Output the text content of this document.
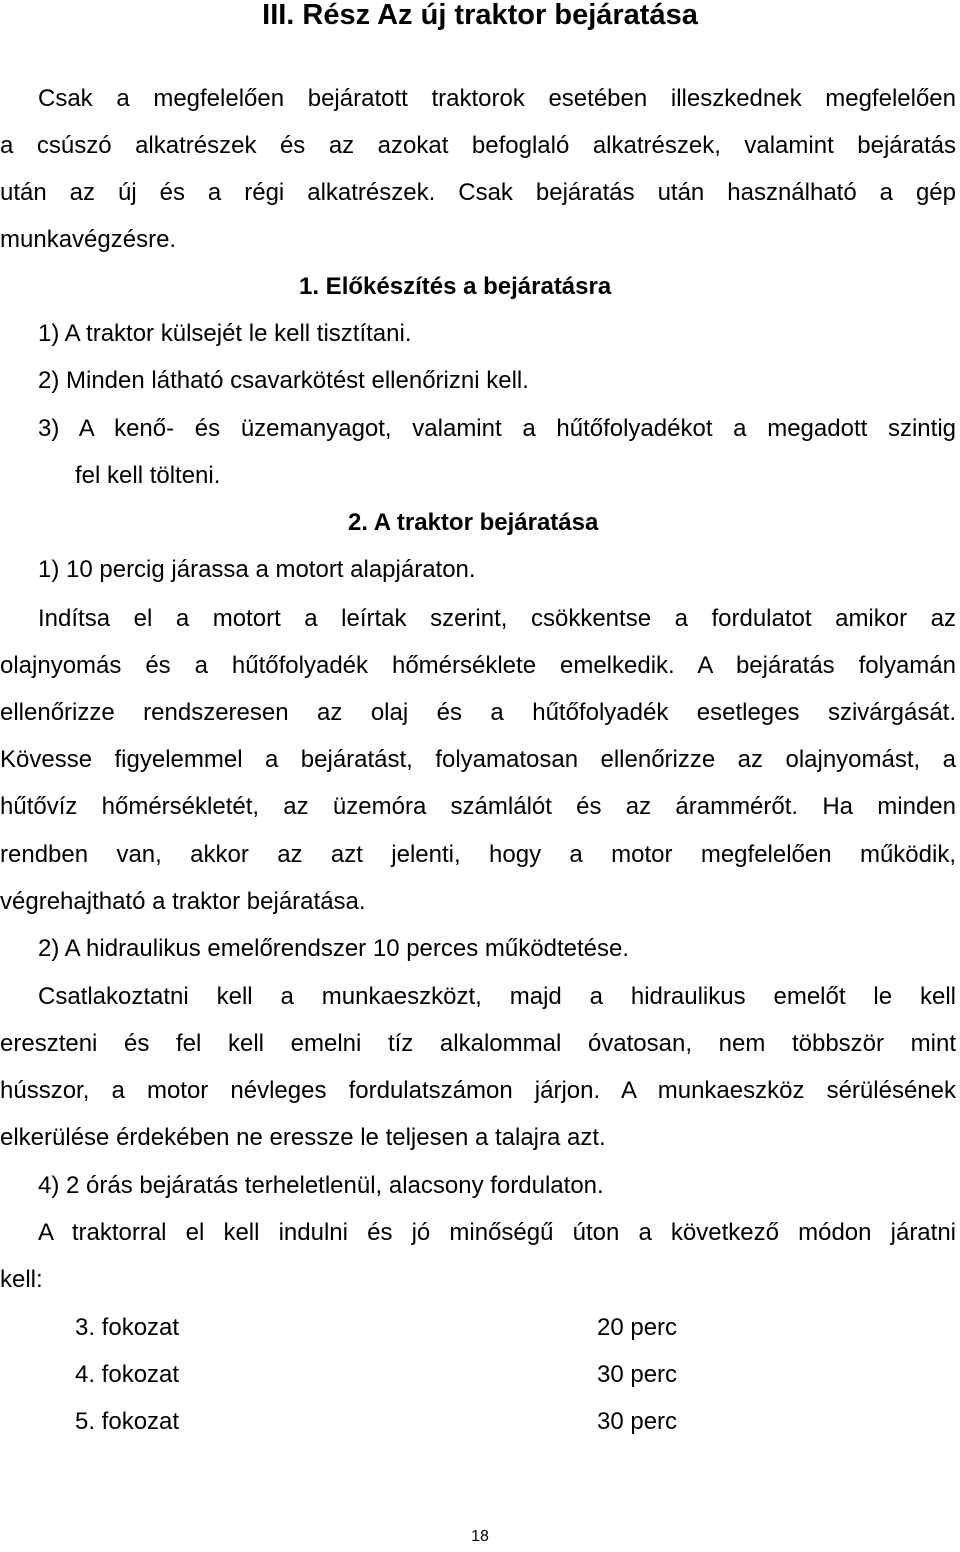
III. Rész Az új traktor bejáratása
Csak a megfelelően bejáratott traktorok esetében illeszkednek megfelelően
a csúszó alkatrészek és az azokat befoglaló alkatrészek, valamint bejáratás
után az új és a régi alkatrészek. Csak bejáratás után használható a gép
munkavégzésre.
1. Előkészítés a bejáratásra
1) A traktor külsejét le kell tisztítani.
2) Minden látható csavarkötést ellenőrizni kell.
3) A kenő- és üzemanyagot, valamint a hűtőfolyadékot a megadott szintig
fel kell tölteni.
2. A traktor bejáratása
1) 10 percig járassa a motort alapjáraton.
Indítsa el a motort a leírtak szerint, csökkentse a fordulatot amikor az
olajnyomás és a hűtőfolyadék hőmérséklete emelkedik. A bejáratás folyamán
ellenőrizze rendszeresen az olaj és a hűtőfolyadék esetleges szivárgását.
Kövesse figyelemmel a bejáratást, folyamatosan ellenőrizze az olajnyomást, a
hűtővíz hőmérsékletét, az üzemóra számlálót és az árammérőt. Ha minden
rendben van, akkor az azt jelenti, hogy a motor megfelelően működik,
végrehajtható a traktor bejáratása.
2) A hidraulikus emelőrendszer 10 perces működtetése.
Csatlakoztatni kell a munkaeszközt, majd a hidraulikus emelőt le kell
ereszteni és fel kell emelni tíz alkalommal óvatosan, nem többször mint
hússzor, a motor névleges fordulatszámon járjon. A munkaeszköz sérülésének
elkerülése érdekében ne eressze le teljesen a talajra azt.
4) 2 órás bejáratás terheletlenül, alacsony fordulaton.
A traktorral el kell indulni és jó minőségű úton a következő módon járatni
kell:
3. fokozat	20 perc
4. fokozat	30 perc
5. fokozat	30 perc
18
